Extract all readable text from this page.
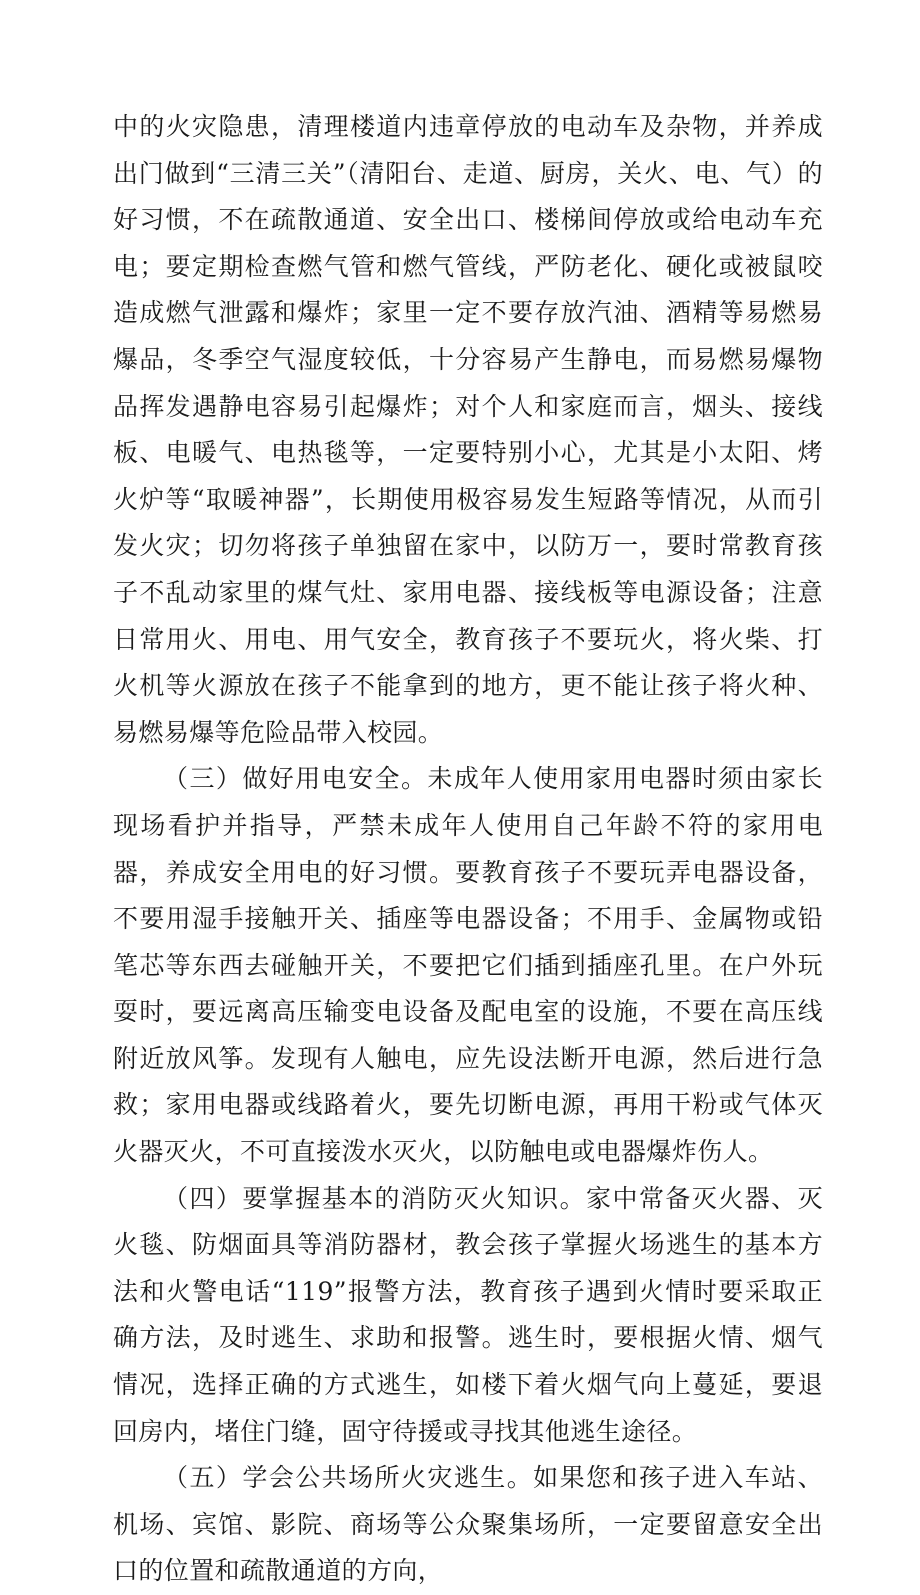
中的火灾隐患，清理楼道内违章停放的电动车及杂物，并养成出门做到“三清三关”（清阳台、走道、厨房，关火、电、气）的好习惯，不在疏散通道、安全出口、楼梯间停放或给电动车充电；要定期检查燃气管和燃气管线，严防老化、硬化或被鼠咬造成燃气泄露和爆炸；家里一定不要存放汽油、酒精等易燃易爆品，冬季空气湿度较低，十分容易产生静电，而易燃易爆物品挥发遇静电容易引起爆炸；对个人和家庭而言，烟头、接线板、电暖气、电热毯等，一定要特别小心，尤其是小太阳、烤火炉等“取暖神器”，长期使用极容易发生短路等情况，从而引发火灾；切勿将孩子单独留在家中，以防万一，要时常教育孩子不乱动家里的煤气灶、家用电器、接线板等电源设备；注意日常用火、用电、用气安全，教育孩子不要玩火，将火柴、打火机等火源放在孩子不能拿到的地方，更不能让孩子将火种、易燃易爆等危险品带入校园。

（三）做好用电安全。未成年人使用家用电器时须由家长现场看护并指导，严禁未成年人使用自己年龄不符的家用电器，养成安全用电的好习惯。要教育孩子不要玩弄电器设备，不要用湿手接触开关、插座等电器设备；不用手、金属物或铅笔芯等东西去碰触开关，不要把它们插到插座孔里。在户外玩耍时，要远离高压输变电设备及配电室的设施，不要在高压线附近放风筝。发现有人触电，应先设法断开电源，然后进行急救；家用电器或线路着火，要先切断电源，再用干粉或气体灭火器灭火，不可直接泼水灭火，以防触电或电器爆炸伤人。

（四）要掌握基本的消防灭火知识。家中常备灭火器、灭火毯、防烟面具等消防器材，教会孩子掌握火场逃生的基本方法和火警电话“119”报警方法，教育孩子遇到火情时要采取正确方法，及时逃生、求助和报警。逃生时，要根据火情、烟气情况，选择正确的方式逃生，如楼下着火烟气向上蔓延，要退回房内，堵住门缝，固守待援或寻找其他逃生途径。

（五）学会公共场所火灾逃生。如果您和孩子进入车站、机场、宾馆、影院、商场等公众聚集场所，一定要留意安全出口的位置和疏散通道的方向，
